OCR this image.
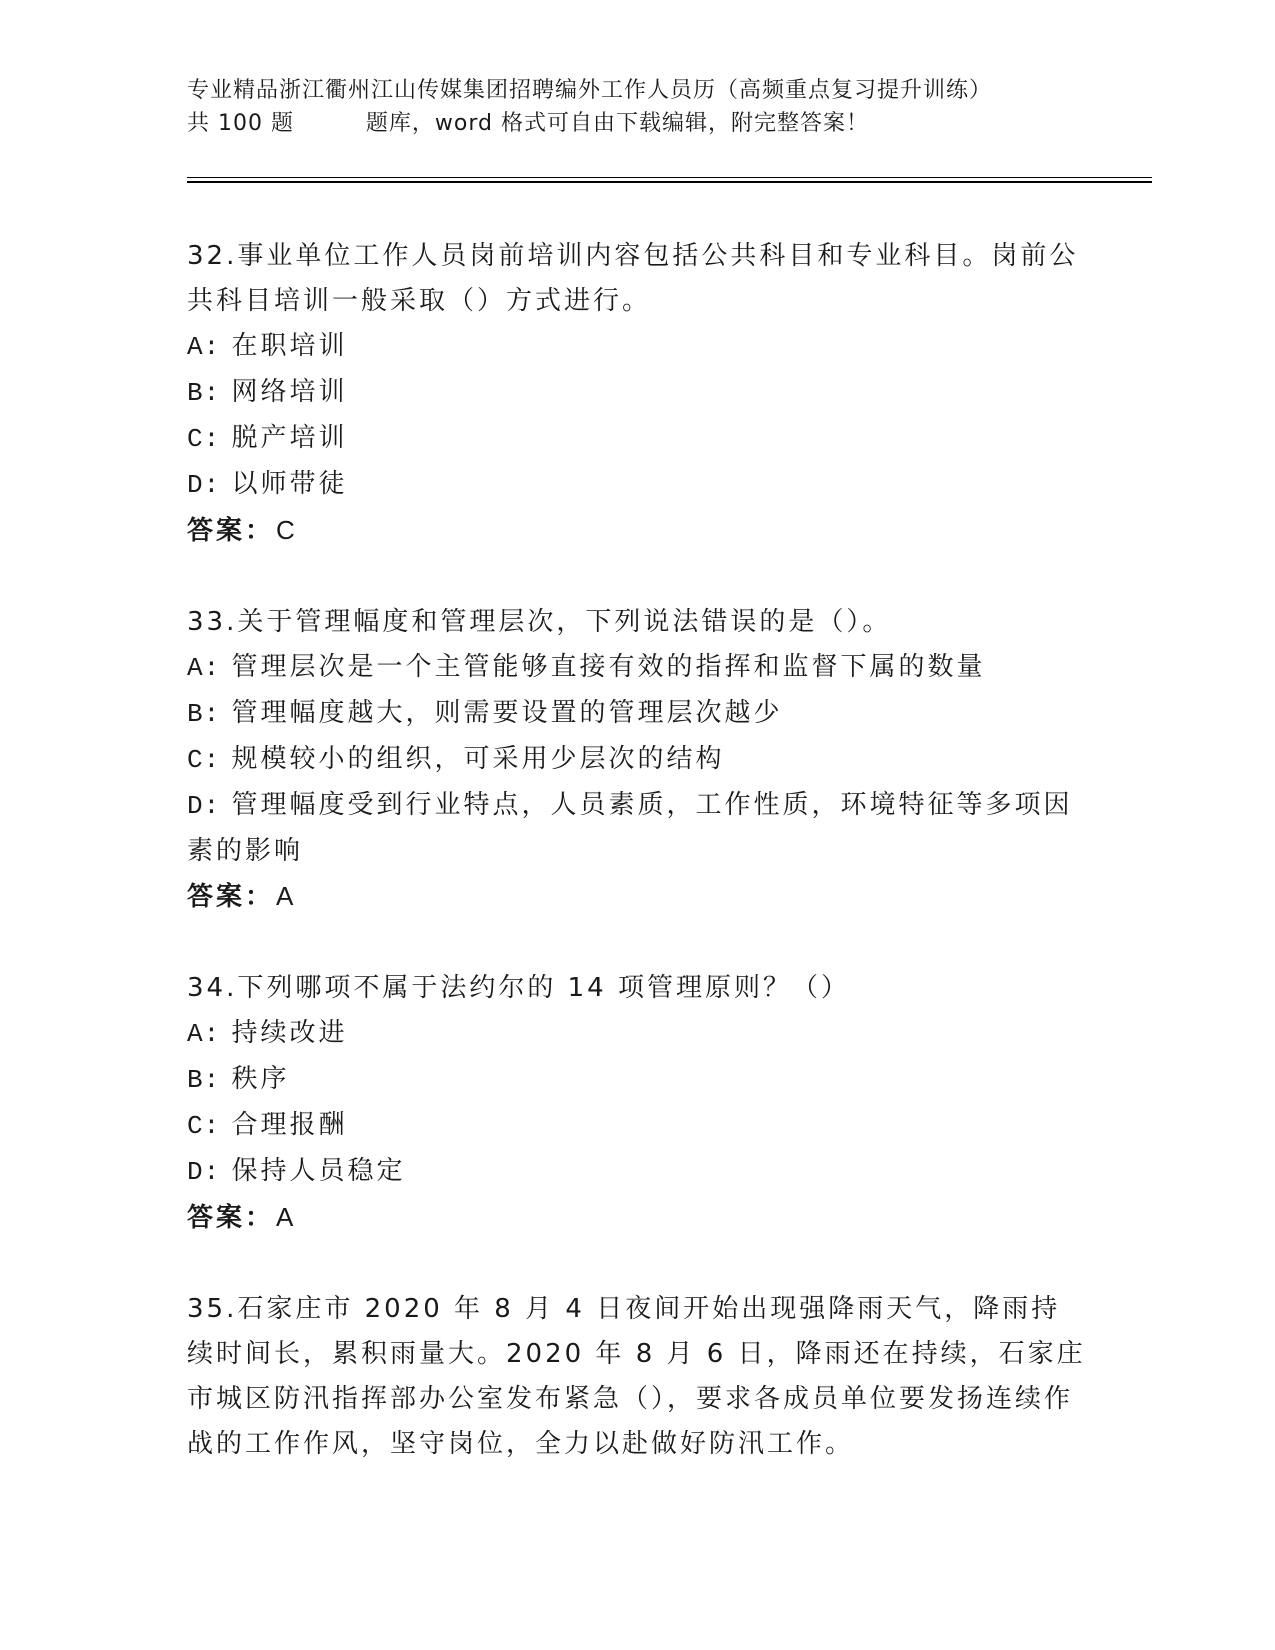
专业精品浙江衢州江山传媒集团招聘编外工作人员历（高频重点复习提升训练）
共 100 题         题库，word 格式可自由下载编辑，附完整答案！
32.事业单位工作人员岗前培训内容包括公共科目和专业科目。岗前公共科目培训一般采取（）方式进行。
A: 在职培训
B: 网络培训
C: 脱产培训
D: 以师带徒
答案：C
33.关于管理幅度和管理层次，下列说法错误的是（）。
A: 管理层次是一个主管能够直接有效的指挥和监督下属的数量
B: 管理幅度越大，则需要设置的管理层次越少
C: 规模较小的组织，可采用少层次的结构
D: 管理幅度受到行业特点，人员素质，工作性质，环境特征等多项因素的影响
答案：A
34.下列哪项不属于法约尔的 14 项管理原则？（）
A: 持续改进
B: 秩序
C: 合理报酬
D: 保持人员稳定
答案：A
35.石家庄市 2020 年 8 月 4 日夜间开始出现强降雨天气，降雨持续时间长，累积雨量大。2020 年 8 月 6 日，降雨还在持续，石家庄市城区防汛指挥部办公室发布紧急（），要求各成员单位要发扬连续作战的工作作风，坚守岗位，全力以赴做好防汛工作。
